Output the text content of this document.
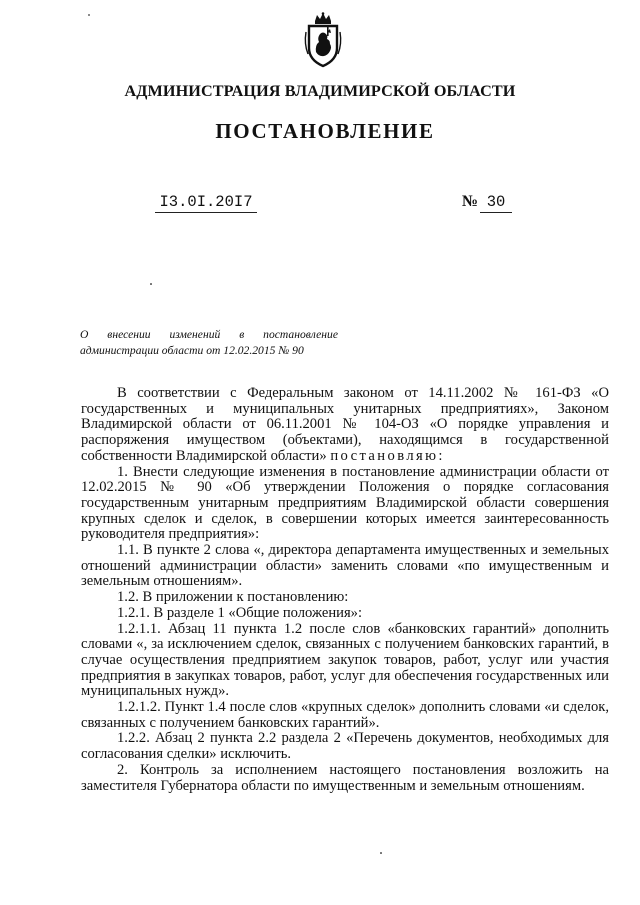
АДМИНИСТРАЦИЯ ВЛАДИМИРСКОЙ ОБЛАСТИ
ПОСТАНОВЛЕНИЕ
I3.0I.20I7	№ 30
О внесении изменений в постановление администрации области от 12.02.2015 № 90

В соответствии с Федеральным законом от 14.11.2002 № 161-ФЗ «О государственных и муниципальных унитарных предприятиях», Законом Владимирской области от 06.11.2001 № 104-ОЗ «О порядке управления и распоряжения имуществом (объектами), находящимся в государственной собственности Владимирской области» постановляю:

1. Внести следующие изменения в постановление администрации области от 12.02.2015 № 90 «Об утверждении Положения о порядке согласования государственным унитарным предприятиям Владимирской области совершения крупных сделок и сделок, в совершении которых имеется заинтересованность руководителя предприятия»:

1.1. В пункте 2 слова «, директора департамента имущественных и земельных отношений администрации области» заменить словами «по имущественным и земельным отношениям».

1.2. В приложении к постановлению:

1.2.1. В разделе 1 «Общие положения»:

1.2.1.1. Абзац 11 пункта 1.2 после слов «банковских гарантий» дополнить словами «, за исключением сделок, связанных с получением банковских гарантий, в случае осуществления предприятием закупок товаров, работ, услуг или участия предприятия в закупках товаров, работ, услуг для обеспечения государственных или муниципальных нужд».

1.2.1.2. Пункт 1.4 после слов «крупных сделок» дополнить словами «и сделок, связанных с получением банковских гарантий».

1.2.2. Абзац 2 пункта 2.2 раздела 2 «Перечень документов, необходимых для согласования сделки» исключить.

2. Контроль за исполнением настоящего постановления возложить на заместителя Губернатора области по имущественным и земельным отношениям.
